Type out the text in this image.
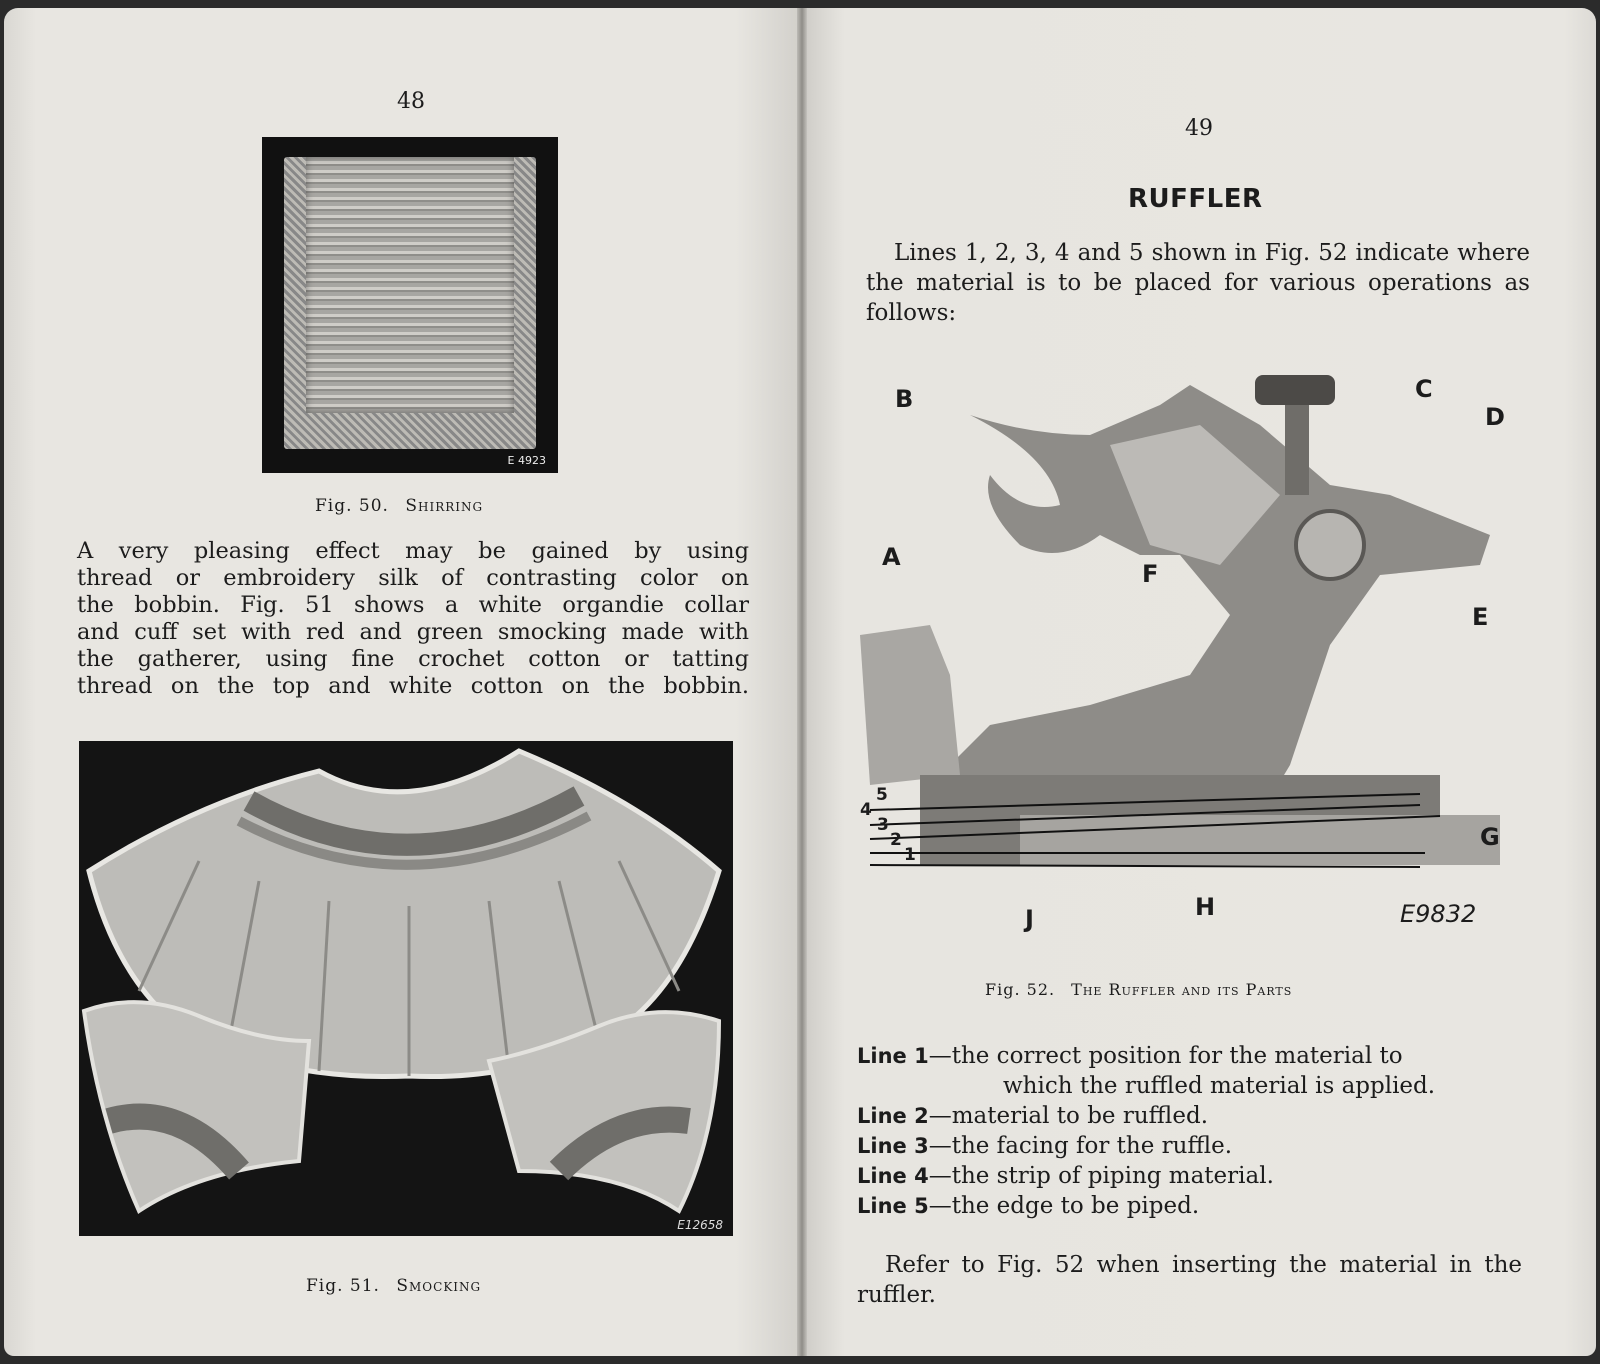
48
E 4923
Fig. 50. Shirring

A very pleasing effect may be gained by using

thread or embroidery silk of contrasting color on

the bobbin. Fig. 51 shows a white organdie collar

and cuff set with red and green smocking made with

the gatherer, using fine crochet cotton or tatting

thread on the top and white cotton on the bobbin.

E12658
Fig. 51. Smocking
49
RUFFLER
Lines 1, 2, 3, 4 and 5 shown in Fig. 52 indicate where the material is to be placed for various operations as follows:
B	C
D
A
F
E
G
H
J
5
4
3
2
1
E9832
Fig. 52. The Ruffler and its Parts
Line 1—the correct position for the material to
which the ruffled material is applied.
Line 2—material to be ruffled.
Line 3—the facing for the ruffle.
Line 4—the strip of piping material.
Line 5—the edge to be piped.
Refer to Fig. 52 when inserting the material in the ruffler.
